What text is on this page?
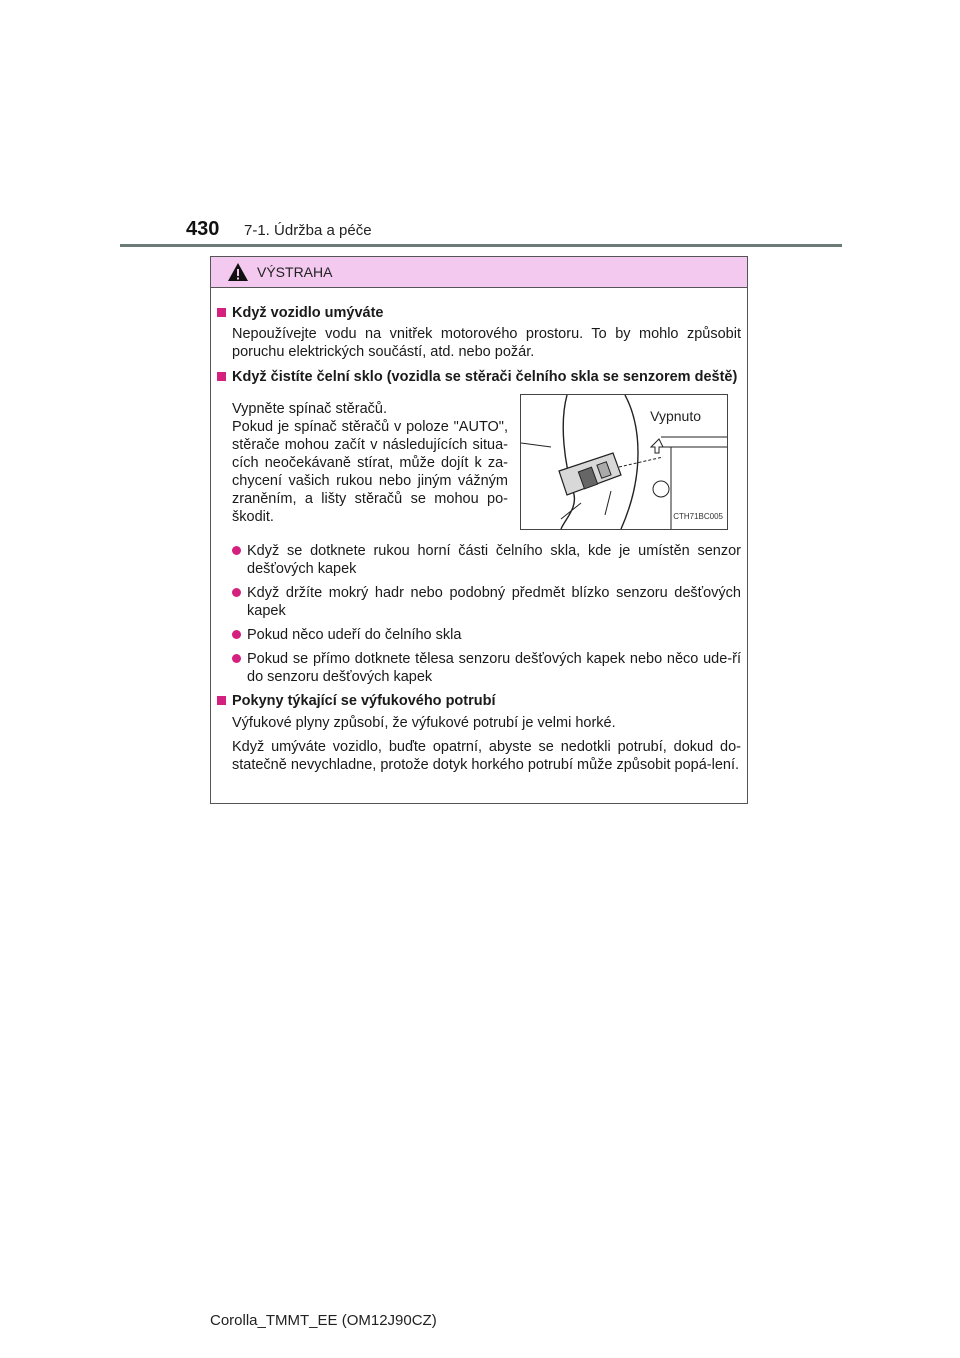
430 7-1. Údržba a péče
VÝSTRAHA
Když vozidlo umýváte
Nepoužívejte vodu na vnitřek motorového prostoru. To by mohlo způsobit poruchu elektrických součástí, atd. nebo požár.
Když čistíte čelní sklo (vozidla se stěrači čelního skla se senzorem deště)
Vypněte spínač stěračů.
Pokud je spínač stěračů v poloze "AUTO", stěrače mohou začít v následujících situa-cích neočekávaně stírat, může dojít k za-chycení vašich rukou nebo jiným vážným zraněním, a lišty stěračů se mohou po-škodit.
Vypnuto
CTH71BC005
Když se dotknete rukou horní části čelního skla, kde je umístěn senzor dešťových kapek
Když držíte mokrý hadr nebo podobný předmět blízko senzoru dešťových kapek
Pokud něco udeří do čelního skla
Pokud se přímo dotknete tělesa senzoru dešťových kapek nebo něco ude-ří do senzoru dešťových kapek
Pokyny týkající se výfukového potrubí
Výfukové plyny způsobí, že výfukové potrubí je velmi horké.
Když umýváte vozidlo, buďte opatrní, abyste se nedotkli potrubí, dokud do-statečně nevychladne, protože dotyk horkého potrubí může způsobit popá-lení.
Corolla_TMMT_EE (OM12J90CZ)
